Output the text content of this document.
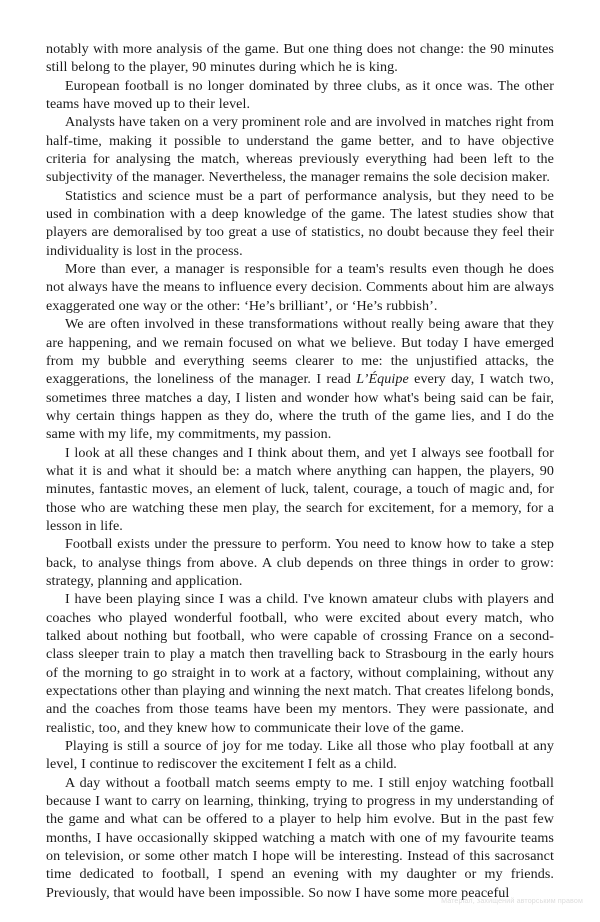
notably with more analysis of the game. But one thing does not change: the 90 minutes still belong to the player, 90 minutes during which he is king.

European football is no longer dominated by three clubs, as it once was. The other teams have moved up to their level.

Analysts have taken on a very prominent role and are involved in matches right from half-time, making it possible to understand the game better, and to have objective criteria for analysing the match, whereas previously everything had been left to the subjectivity of the manager. Nevertheless, the manager remains the sole decision maker.

Statistics and science must be a part of performance analysis, but they need to be used in combination with a deep knowledge of the game. The latest studies show that players are demoralised by too great a use of statistics, no doubt because they feel their individuality is lost in the process.

More than ever, a manager is responsible for a team's results even though he does not always have the means to influence every decision. Comments about him are always exaggerated one way or the other: ‘He’s brilliant’, or ‘He’s rubbish’.

We are often involved in these transformations without really being aware that they are happening, and we remain focused on what we believe. But today I have emerged from my bubble and everything seems clearer to me: the unjustified attacks, the exaggerations, the loneliness of the manager. I read L’Équipe every day, I watch two, sometimes three matches a day, I listen and wonder how what's being said can be fair, why certain things happen as they do, where the truth of the game lies, and I do the same with my life, my commitments, my passion.

I look at all these changes and I think about them, and yet I always see football for what it is and what it should be: a match where anything can happen, the players, 90 minutes, fantastic moves, an element of luck, talent, courage, a touch of magic and, for those who are watching these men play, the search for excitement, for a memory, for a lesson in life.

Football exists under the pressure to perform. You need to know how to take a step back, to analyse things from above. A club depends on three things in order to grow: strategy, planning and application.

I have been playing since I was a child. I've known amateur clubs with players and coaches who played wonderful football, who were excited about every match, who talked about nothing but football, who were capable of crossing France on a second-class sleeper train to play a match then travelling back to Strasbourg in the early hours of the morning to go straight in to work at a factory, without complaining, without any expectations other than playing and winning the next match. That creates lifelong bonds, and the coaches from those teams have been my mentors. They were passionate, and realistic, too, and they knew how to communicate their love of the game.

Playing is still a source of joy for me today. Like all those who play football at any level, I continue to rediscover the excitement I felt as a child.

A day without a football match seems empty to me. I still enjoy watching football because I want to carry on learning, thinking, trying to progress in my understanding of the game and what can be offered to a player to help him evolve. But in the past few months, I have occasionally skipped watching a match with one of my favourite teams on television, or some other match I hope will be interesting. Instead of this sacrosanct time dedicated to football, I spend an evening with my daughter or my friends. Previously, that would have been impossible. So now I have some more peaceful

Матеріал, захищений авторським правом
